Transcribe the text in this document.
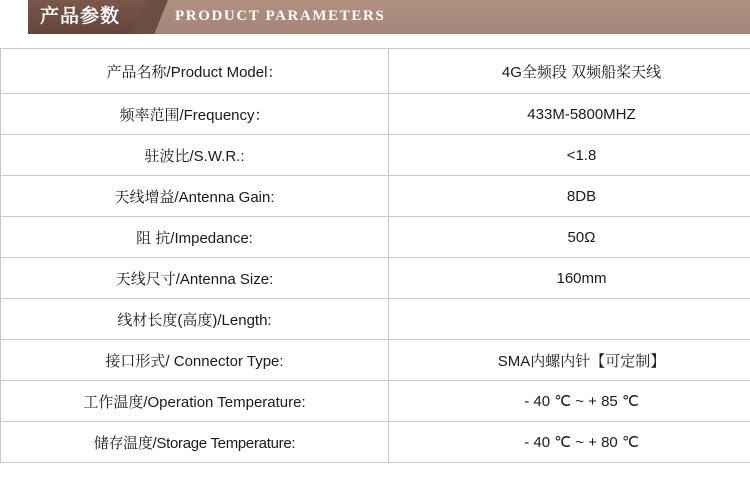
产品参数	PRODUCT PARAMETERS
产品名称/Product Model：	4G全频段 双频船桨天线
频率范围/Frequency：	433M-5800MHZ
驻波比/S.W.R.:	<1.8
天线增益/Antenna Gain:	8DB
阻 抗/Impedance:	50Ω
天线尺寸/Antenna Size:	160mm
线材长度(高度)/Length:	
接口形式/ Connector Type:	SMA内螺内针【可定制】
工作温度/Operation Temperature:	- 40 ℃ ~ + 85 ℃
储存温度/Storage Temperature:	- 40 ℃ ~ + 80 ℃
